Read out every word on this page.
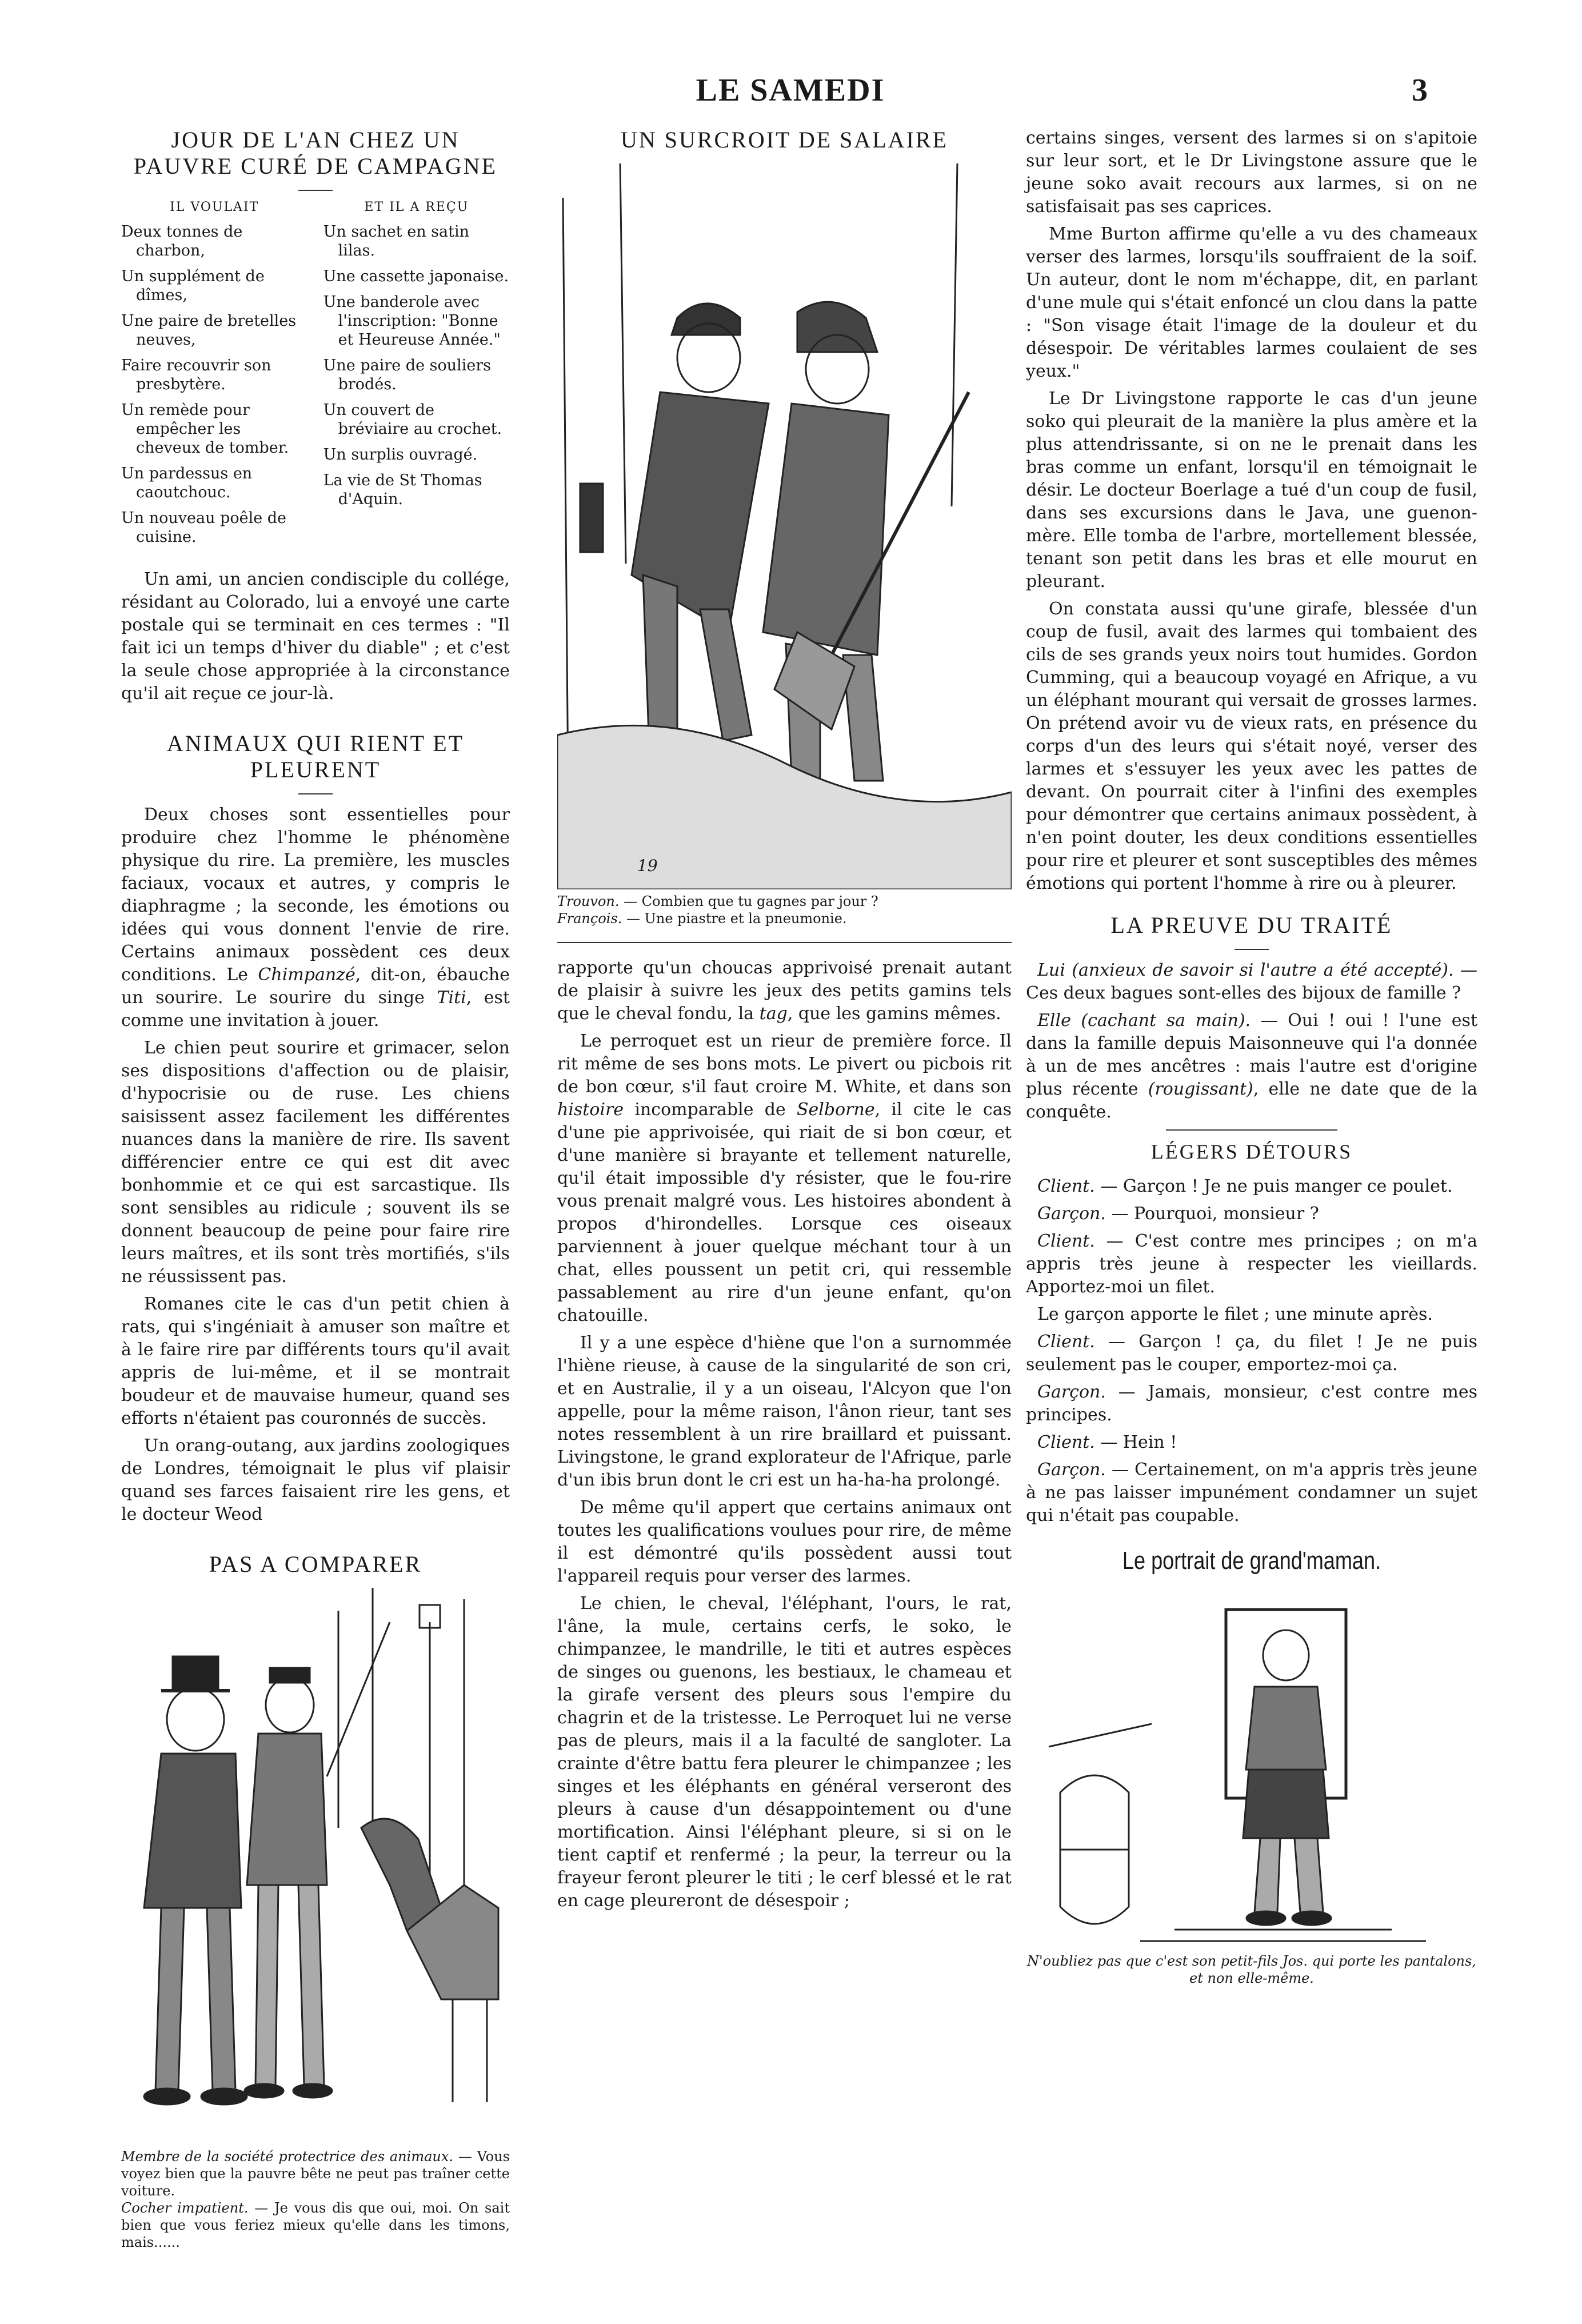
LE SAMEDI	3
JOUR DE L'AN CHEZ UN PAUVRE CURÉ DE CAMPAGNE
IL VOULAIT
Deux tonnes de charbon,
Un supplément de dîmes,
Une paire de bretelles neuves,
Faire recouvrir son presbytère.
Un remède pour empêcher les cheveux de tomber.
Un pardessus en caoutchouc.
Un nouveau poêle de cuisine.
ET IL A REÇU
Un sachet en satin lilas.
Une cassette japonaise.
Une banderole avec l'inscription: "Bonne et Heureuse Année."
Une paire de souliers brodés.
Un couvert de bréviaire au crochet.
Un surplis ouvragé.
La vie de St Thomas d'Aquin.

Un ami, un ancien condisciple du collége, résidant au Colorado, lui a envoyé une carte postale qui se terminait en ces termes : "Il fait ici un temps d'hiver du diable" ; et c'est la seule chose appropriée à la circonstance qu'il ait reçue ce jour-là.

ANIMAUX QUI RIENT ET PLEURENT

Deux choses sont essentielles pour produire chez l'homme le phénomène physique du rire. La première, les muscles faciaux, vocaux et autres, y compris le diaphragme ; la seconde, les émotions ou idées qui vous donnent l'envie de rire. Certains animaux possèdent ces deux conditions. Le Chimpanzé, dit-on, ébauche un sourire. Le sourire du singe Titi, est comme une invitation à jouer.

Le chien peut sourire et grimacer, selon ses dispositions d'affection ou de plaisir, d'hypocrisie ou de ruse. Les chiens saisissent assez facilement les différentes nuances dans la manière de rire. Ils savent différencier entre ce qui est dit avec bonhommie et ce qui est sarcastique. Ils sont sensibles au ridicule ; souvent ils se donnent beaucoup de peine pour faire rire leurs maîtres, et ils sont très mortifiés, s'ils ne réussissent pas.

Romanes cite le cas d'un petit chien à rats, qui s'ingéniait à amuser son maître et à le faire rire par différents tours qu'il avait appris de lui-même, et il se montrait boudeur et de mauvaise humeur, quand ses efforts n'étaient pas couronnés de succès.

Un orang-outang, aux jardins zoologiques de Londres, témoignait le plus vif plaisir quand ses farces faisaient rire les gens, et le docteur Weod

PAS A COMPARER
Membre de la société protectrice des animaux. — Vous voyez bien que la pauvre bête ne peut pas traîner cette voiture.
Cocher impatient. — Je vous dis que oui, moi. On sait bien que vous feriez mieux qu'elle dans les timons, mais......
UN SURCROIT DE SALAIRE
19
Trouvon. — Combien que tu gagnes par jour ?
François. — Une piastre et la pneumonie.

rapporte qu'un choucas apprivoisé prenait autant de plaisir à suivre les jeux des petits gamins tels que le cheval fondu, la tag, que les gamins mêmes.

Le perroquet est un rieur de première force. Il rit même de ses bons mots. Le pivert ou picbois rit de bon cœur, s'il faut croire M. White, et dans son histoire incomparable de Selborne, il cite le cas d'une pie apprivoisée, qui riait de si bon cœur, et d'une manière si brayante et tellement naturelle, qu'il était impossible d'y résister, que le fou-rire vous prenait malgré vous. Les histoires abondent à propos d'hirondelles. Lorsque ces oiseaux parviennent à jouer quelque méchant tour à un chat, elles poussent un petit cri, qui ressemble passablement au rire d'un jeune enfant, qu'on chatouille.

Il y a une espèce d'hiène que l'on a surnommée l'hiène rieuse, à cause de la singularité de son cri, et en Australie, il y a un oiseau, l'Alcyon que l'on appelle, pour la même raison, l'ânon rieur, tant ses notes ressemblent à un rire braillard et puissant. Livingstone, le grand explorateur de l'Afrique, parle d'un ibis brun dont le cri est un ha-ha-ha prolongé.

De même qu'il appert que certains animaux ont toutes les qualifications voulues pour rire, de même il est démontré qu'ils possèdent aussi tout l'appareil requis pour verser des larmes.

Le chien, le cheval, l'éléphant, l'ours, le rat, l'âne, la mule, certains cerfs, le soko, le chimpanzee, le mandrille, le titi et autres espèces de singes ou guenons, les bestiaux, le chameau et la girafe versent des pleurs sous l'empire du chagrin et de la tristesse. Le Perroquet lui ne verse pas de pleurs, mais il a la faculté de sangloter. La crainte d'être battu fera pleurer le chimpanzee ; les singes et les éléphants en général verseront des pleurs à cause d'un désappointement ou d'une mortification. Ainsi l'éléphant pleure, si si on le tient captif et renfermé ; la peur, la terreur ou la frayeur feront pleurer le titi ; le cerf blessé et le rat en cage pleureront de désespoir ;

certains singes, versent des larmes si on s'apitoie sur leur sort, et le Dr Livingstone assure que le jeune soko avait recours aux larmes, si on ne satisfaisait pas ses caprices.

Mme Burton affirme qu'elle a vu des chameaux verser des larmes, lorsqu'ils souffraient de la soif. Un auteur, dont le nom m'échappe, dit, en parlant d'une mule qui s'était enfoncé un clou dans la patte : "Son visage était l'image de la douleur et du désespoir. De véritables larmes coulaient de ses yeux."

Le Dr Livingstone rapporte le cas d'un jeune soko qui pleurait de la manière la plus amère et la plus attendrissante, si on ne le prenait dans les bras comme un enfant, lorsqu'il en témoignait le désir. Le docteur Boerlage a tué d'un coup de fusil, dans ses excursions dans le Java, une guenon-mère. Elle tomba de l'arbre, mortellement blessée, tenant son petit dans les bras et elle mourut en pleurant.

On constata aussi qu'une girafe, blessée d'un coup de fusil, avait des larmes qui tombaient des cils de ses grands yeux noirs tout humides. Gordon Cumming, qui a beaucoup voyagé en Afrique, a vu un éléphant mourant qui versait de grosses larmes. On prétend avoir vu de vieux rats, en présence du corps d'un des leurs qui s'était noyé, verser des larmes et s'essuyer les yeux avec les pattes de devant. On pourrait citer à l'infini des exemples pour démontrer que certains animaux possèdent, à n'en point douter, les deux conditions essentielles pour rire et pleurer et sont susceptibles des mêmes émotions qui portent l'homme à rire ou à pleurer.

LA PREUVE DU TRAITÉ

Lui (anxieux de savoir si l'autre a été accepté). — Ces deux bagues sont-elles des bijoux de famille ?

Elle (cachant sa main). — Oui ! oui ! l'une est dans la famille depuis Maisonneuve qui l'a donnée à un de mes ancêtres : mais l'autre est d'origine plus récente (rougissant), elle ne date que de la conquête.

LÉGERS DÉTOURS

Client. — Garçon ! Je ne puis manger ce poulet.

Garçon. — Pourquoi, monsieur ?

Client. — C'est contre mes principes ; on m'a appris très jeune à respecter les vieillards. Apportez-moi un filet.

Le garçon apporte le filet ; une minute après.

Client. — Garçon ! ça, du filet ! Je ne puis seulement pas le couper, emportez-moi ça.

Garçon. — Jamais, monsieur, c'est contre mes principes.

Client. — Hein !

Garçon. — Certainement, on m'a appris très jeune à ne pas laisser impunément condamner un sujet qui n'était pas coupable.

Le portrait de grand'maman.
N'oubliez pas que c'est son petit-fils Jos. qui porte les pantalons, et non elle-même.
